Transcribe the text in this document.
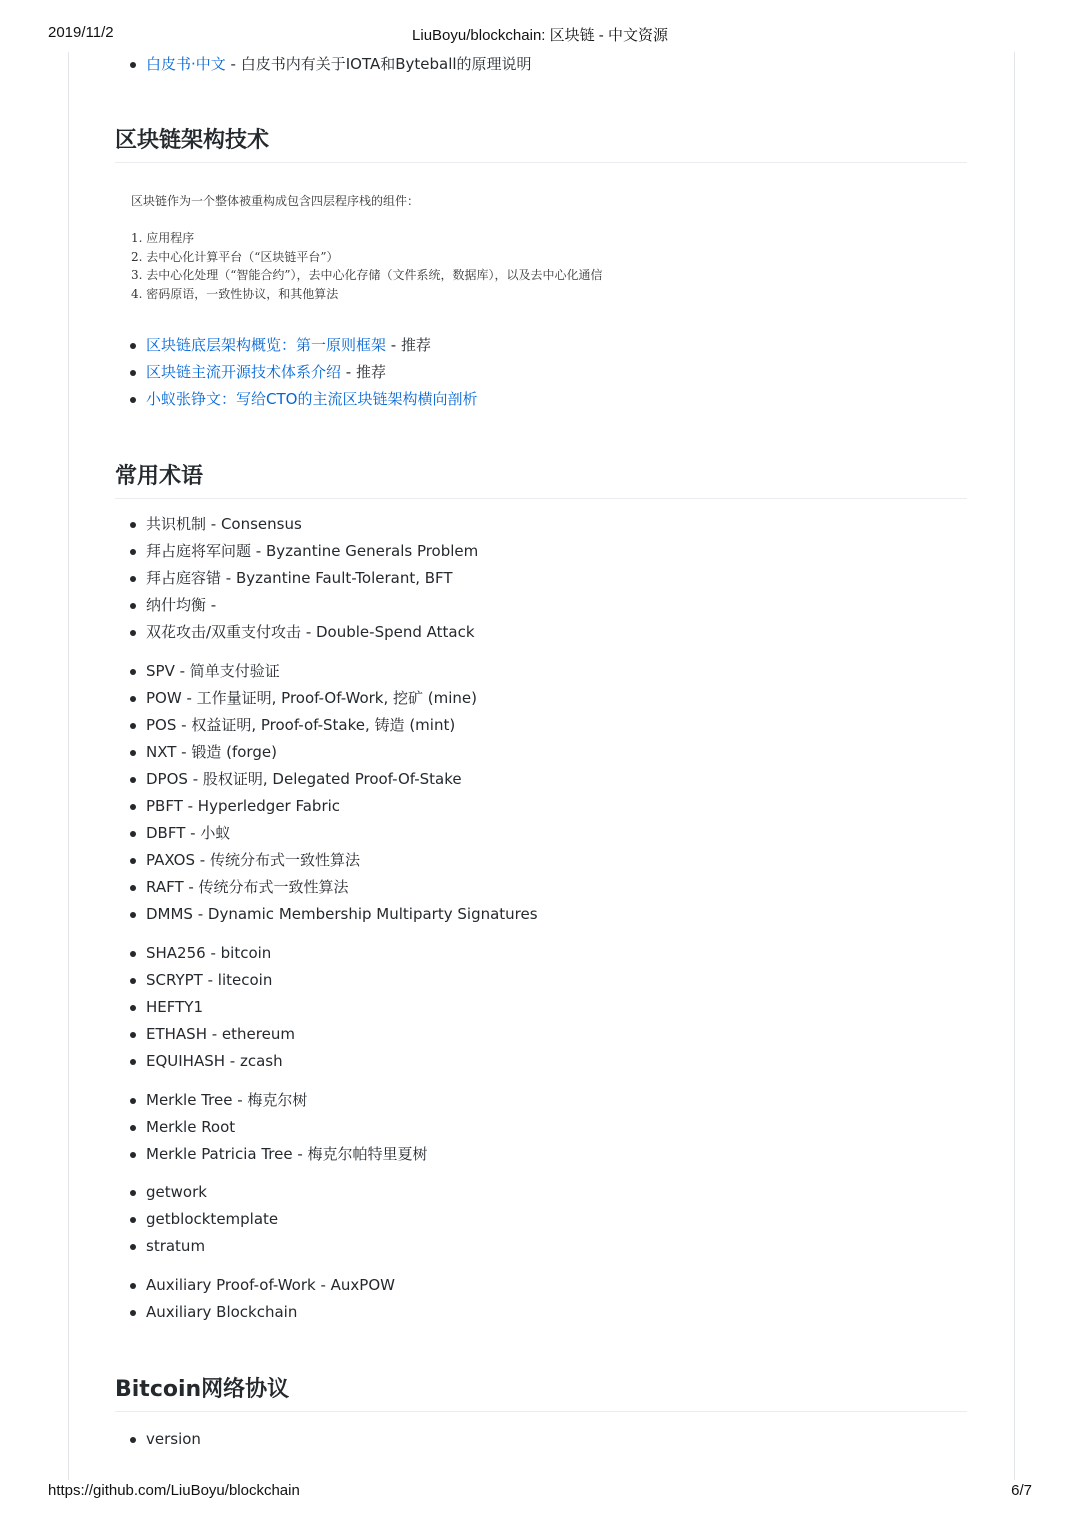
2019/11/2	LiuBoyu/blockchain: 区块链 - 中文资源
白皮书·中文 - 白皮书内有关于IOTA和Byteball的原理说明
区块链架构技术
区块链作为一个整体被重构成包含四层程序栈的组件：
1. 应用程序
2. 去中心化计算平台（“区块链平台”）
3. 去中心化处理（“智能合约”），去中心化存储（文件系统，数据库），以及去中心化通信
4. 密码原语，一致性协议，和其他算法
区块链底层架构概览：第一原则框架 - 推荐
区块链主流开源技术体系介绍 - 推荐
小蚁张铮文：写给CTO的主流区块链架构横向剖析
常用术语
共识机制 - Consensus
拜占庭将军问题 - Byzantine Generals Problem
拜占庭容错 - Byzantine Fault-Tolerant, BFT
纳什均衡 -
双花攻击/双重支付攻击 - Double-Spend Attack
SPV - 简单支付验证
POW - 工作量证明, Proof-Of-Work, 挖矿 (mine)
POS - 权益证明, Proof-of-Stake, 铸造 (mint)
NXT - 锻造 (forge)
DPOS - 股权证明, Delegated Proof-Of-Stake
PBFT - Hyperledger Fabric
DBFT - 小蚁
PAXOS - 传统分布式一致性算法
RAFT - 传统分布式一致性算法
DMMS - Dynamic Membership Multiparty Signatures
SHA256 - bitcoin
SCRYPT - litecoin
HEFTY1
ETHASH - ethereum
EQUIHASH - zcash
Merkle Tree - 梅克尔树
Merkle Root
Merkle Patricia Tree - 梅克尔帕特里夏树
getwork
getblocktemplate
stratum
Auxiliary Proof-of-Work - AuxPOW
Auxiliary Blockchain
Bitcoin网络协议
version
https://github.com/LiuBoyu/blockchain	6/7
